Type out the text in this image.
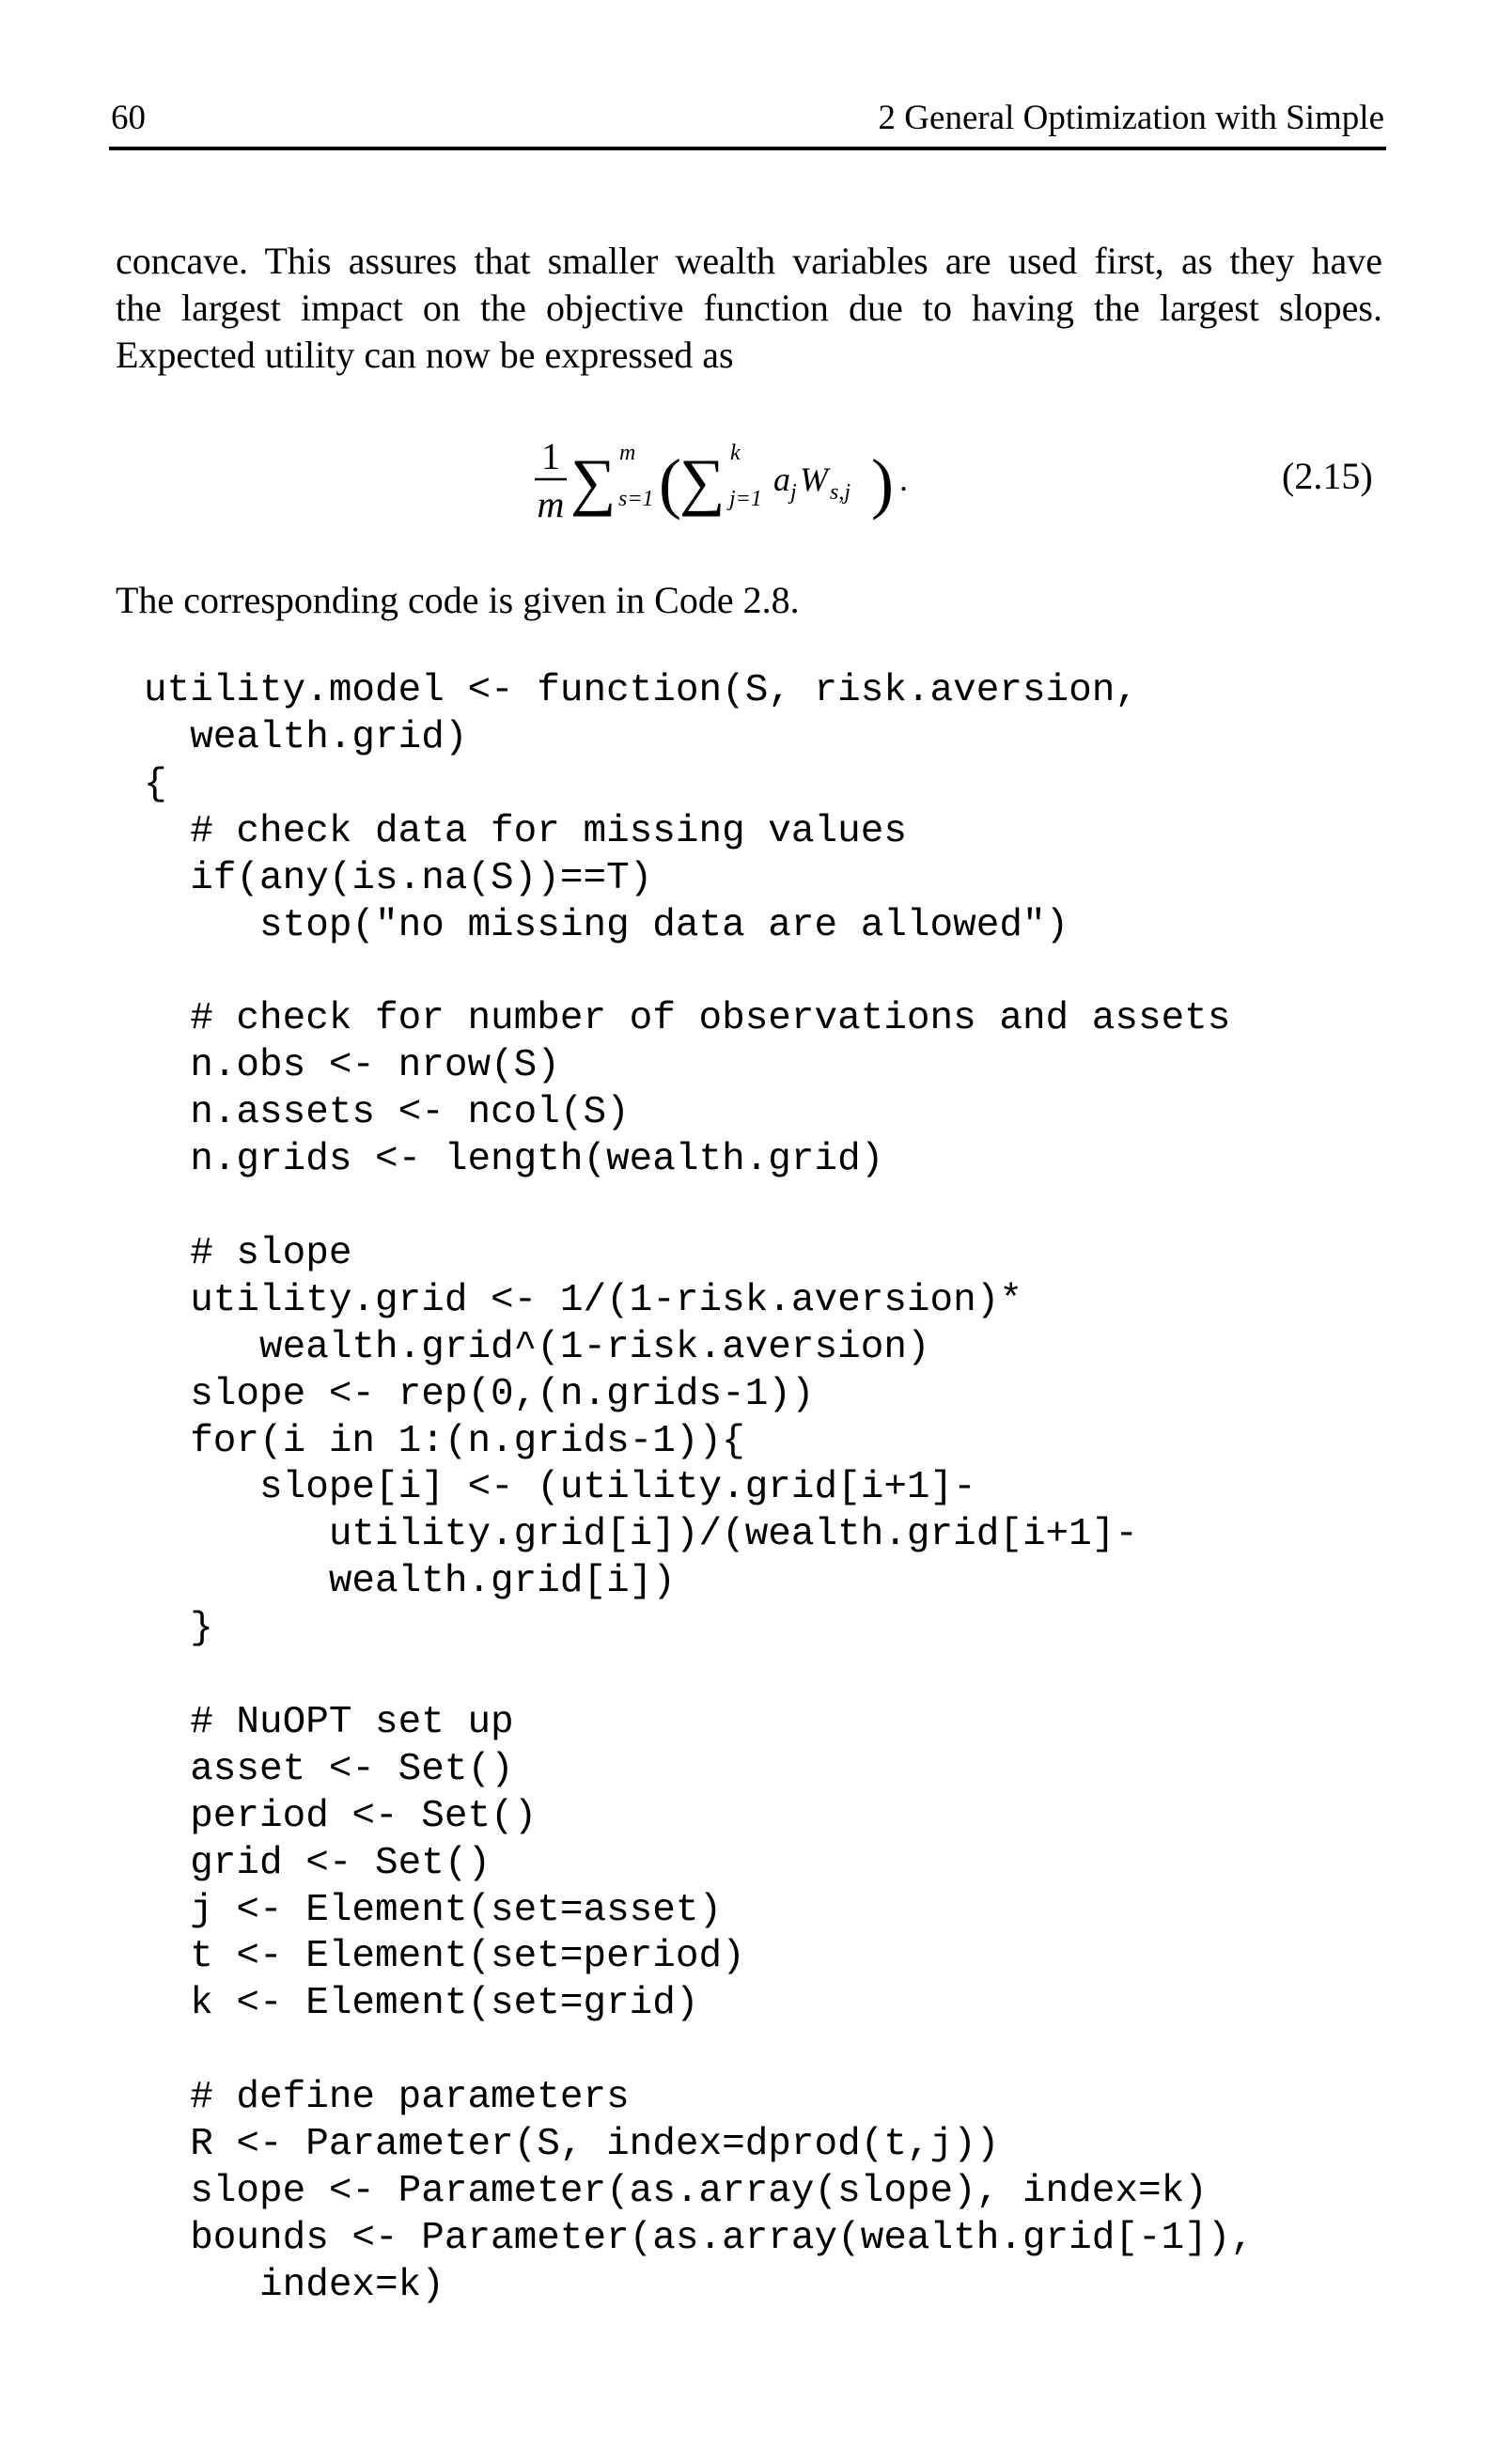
60	2 General Optimization with Simple

concave. This assures that smaller wealth variables are used first, as they have
the largest impact on the objective function due to having the largest slopes.
Expected utility can now be expressed as

1
m ∑ m
s=1 (
∑ k
j=1
a j W s,j ) .	(2.15)

The corresponding code is given in Code 2.8.

utility.model <- function(S, risk.aversion,
wealth.grid)
{
# check data for missing values
if(any(is.na(S))==T)
stop("no missing data are allowed")

# check for number of observations and assets
n.obs <- nrow(S)
n.assets <- ncol(S)
n.grids <- length(wealth.grid)

# slope
utility.grid <- 1/(1-risk.aversion)*
wealth.grid^(1-risk.aversion)
slope <- rep(0,(n.grids-1))
for(i in 1:(n.grids-1)){
slope[i] <- (utility.grid[i+1]-
utility.grid[i])/(wealth.grid[i+1]-
wealth.grid[i])
}

# NuOPT set up
asset <- Set()
period <- Set()
grid <- Set()
j <- Element(set=asset)
t <- Element(set=period)
k <- Element(set=grid)

# define parameters
R <- Parameter(S, index=dprod(t,j))
slope <- Parameter(as.array(slope), index=k)
bounds <- Parameter(as.array(wealth.grid[-1]),
index=k)
